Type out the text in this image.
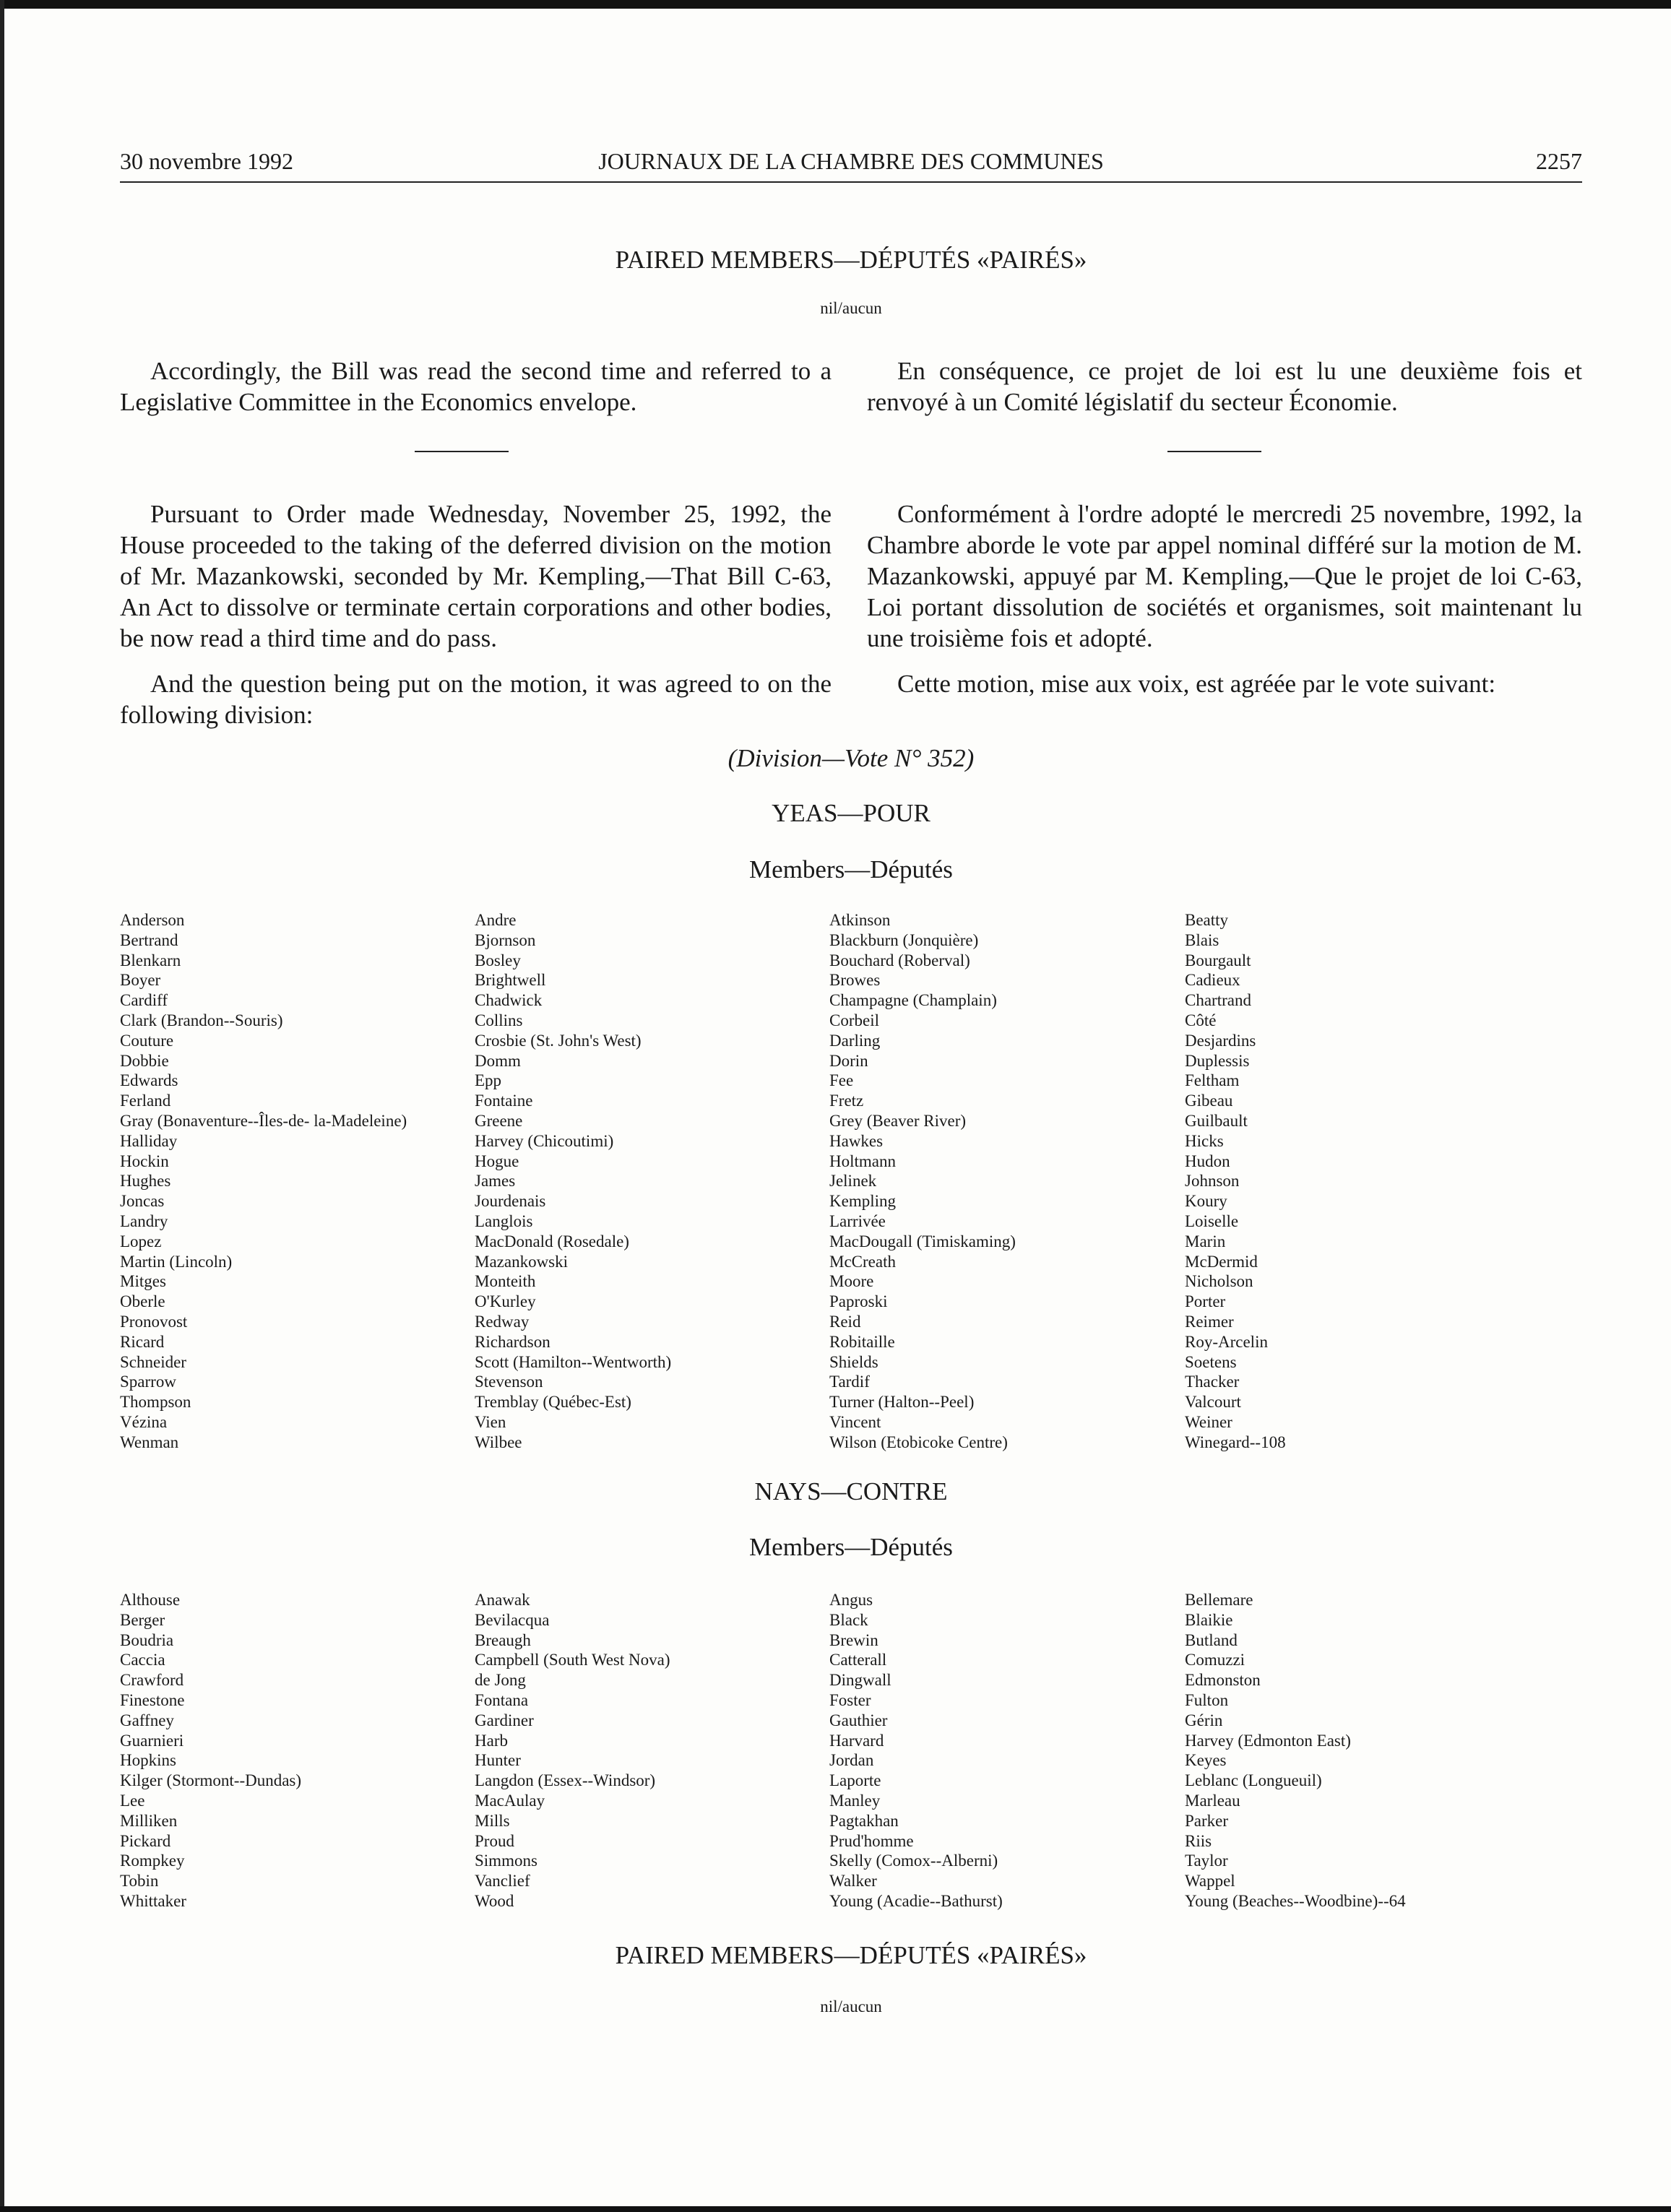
30 novembre 1992	JOURNAUX DE LA CHAMBRE DES COMMUNES	2257
PAIRED MEMBERS—DÉPUTÉS «PAIRÉS»
nil/aucun

Accordingly, the Bill was read the second time and referred to a Legislative Committee in the Economics envelope.

En conséquence, ce projet de loi est lu une deuxième fois et renvoyé à un Comité législatif du secteur Économie.

Pursuant to Order made Wednesday, November 25, 1992, the House proceeded to the taking of the deferred division on the motion of Mr. Mazankowski, seconded by Mr. Kempling,—That Bill C-63, An Act to dissolve or terminate certain corporations and other bodies, be now read a third time and do pass.

And the question being put on the motion, it was agreed to on the following division:

Conformément à l'ordre adopté le mercredi 25 novembre, 1992, la Chambre aborde le vote par appel nominal différé sur la motion de M. Mazankowski, appuyé par M. Kempling,—Que le projet de loi C-63, Loi portant dissolution de sociétés et organismes, soit maintenant lu une troisième fois et adopté.

Cette motion, mise aux voix, est agréée par le vote suivant:

(Division—Vote N° 352)
YEAS—POUR
Members—Députés
Anderson
Bertrand
Blenkarn
Boyer
Cardiff
Clark (Brandon--Souris)
Couture
Dobbie
Edwards
Ferland
Gray (Bonaventure--Îles-de- la-Madeleine)
Halliday
Hockin
Hughes
Joncas
Landry
Lopez
Martin (Lincoln)
Mitges
Oberle
Pronovost
Ricard
Schneider
Sparrow
Thompson
Vézina
Wenman
Andre
Bjornson
Bosley
Brightwell
Chadwick
Collins
Crosbie (St. John's West)
Domm
Epp
Fontaine
Greene
Harvey (Chicoutimi)
Hogue
James
Jourdenais
Langlois
MacDonald (Rosedale)
Mazankowski
Monteith
O'Kurley
Redway
Richardson
Scott (Hamilton--Wentworth)
Stevenson
Tremblay (Québec-Est)
Vien
Wilbee
Atkinson
Blackburn (Jonquière)
Bouchard (Roberval)
Browes
Champagne (Champlain)
Corbeil
Darling
Dorin
Fee
Fretz
Grey (Beaver River)
Hawkes
Holtmann
Jelinek
Kempling
Larrivée
MacDougall (Timiskaming)
McCreath
Moore
Paproski
Reid
Robitaille
Shields
Tardif
Turner (Halton--Peel)
Vincent
Wilson (Etobicoke Centre)
Beatty
Blais
Bourgault
Cadieux
Chartrand
Côté
Desjardins
Duplessis
Feltham
Gibeau
Guilbault
Hicks
Hudon
Johnson
Koury
Loiselle
Marin
McDermid
Nicholson
Porter
Reimer
Roy-Arcelin
Soetens
Thacker
Valcourt
Weiner
Winegard--108
NAYS—CONTRE
Members—Députés
Althouse
Berger
Boudria
Caccia
Crawford
Finestone
Gaffney
Guarnieri
Hopkins
Kilger (Stormont--Dundas)
Lee
Milliken
Pickard
Rompkey
Tobin
Whittaker
Anawak
Bevilacqua
Breaugh
Campbell (South West Nova)
de Jong
Fontana
Gardiner
Harb
Hunter
Langdon (Essex--Windsor)
MacAulay
Mills
Proud
Simmons
Vanclief
Wood
Angus
Black
Brewin
Catterall
Dingwall
Foster
Gauthier
Harvard
Jordan
Laporte
Manley
Pagtakhan
Prud'homme
Skelly (Comox--Alberni)
Walker
Young (Acadie--Bathurst)
Bellemare
Blaikie
Butland
Comuzzi
Edmonston
Fulton
Gérin
Harvey (Edmonton East)
Keyes
Leblanc (Longueuil)
Marleau
Parker
Riis
Taylor
Wappel
Young (Beaches--Woodbine)--64
PAIRED MEMBERS—DÉPUTÉS «PAIRÉS»
nil/aucun
